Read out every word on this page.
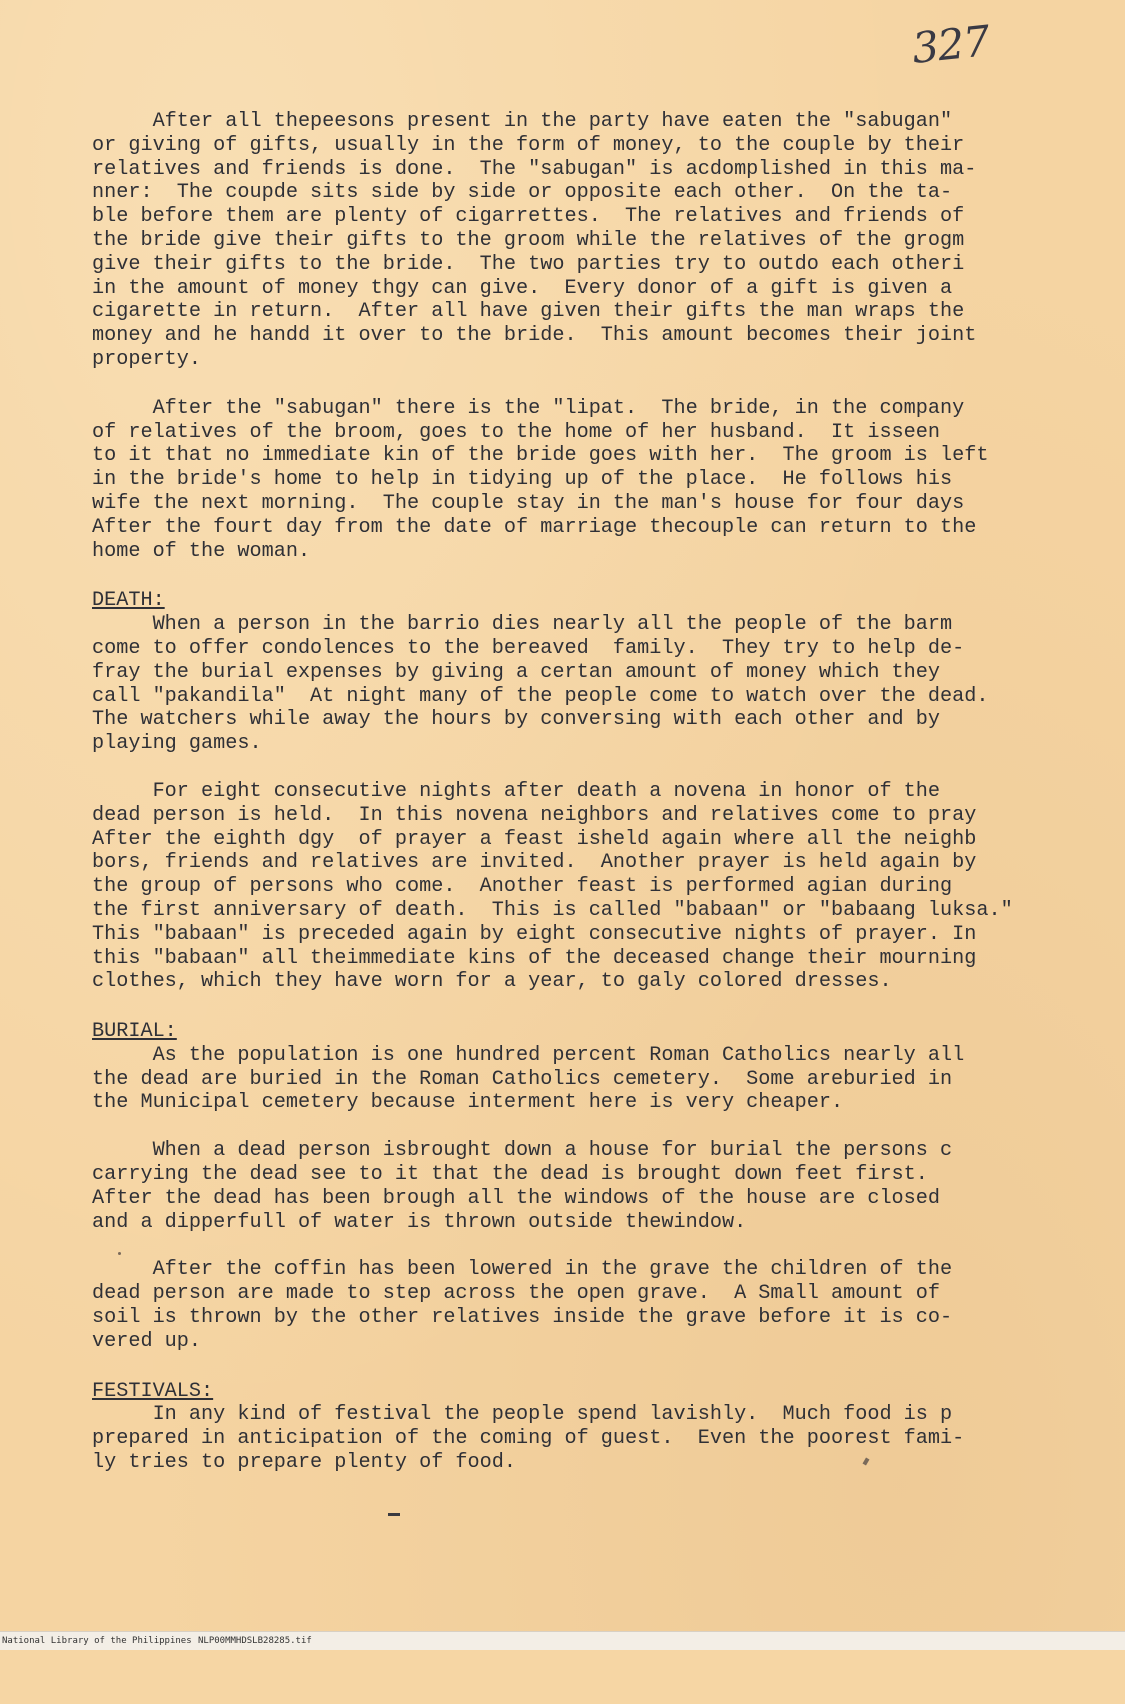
327

After all thepeesons present in the party have eaten the "sabugan"

or giving of gifts, usually in the form of money, to the couple by their

relatives and friends is done.  The "sabugan" is acdomplished in this ma-

nner:  The coupde sits side by side or opposite each other.  On the ta-

ble before them are plenty of cigarrettes.  The relatives and friends of

the bride give their gifts to the groom while the relatives of the grogm

give their gifts to the bride.  The two parties try to outdo each otheri

in the amount of money thgy can give.  Every donor of a gift is given a

cigarette in return.  After all have given their gifts the man wraps the

money and he handd it over to the bride.  This amount becomes their joint

property.

After the "sabugan" there is the "lipat.  The bride, in the company

of relatives of the broom, goes to the home of her husband.  It isseen

to it that no immediate kin of the bride goes with her.  The groom is left

in the bride's home to help in tidying up of the place.  He follows his

wife the next morning.  The couple stay in the man's house for four days

After the fourt day from the date of marriage thecouple can return to the

home of the woman.

DEATH:

When a person in the barrio dies nearly all the people of the barm

come to offer condolences to the bereaved  family.  They try to help de-

fray the burial expenses by giving a certan amount of money which they

call "pakandila"  At night many of the people come to watch over the dead.

The watchers while away the hours by conversing with each other and by

playing games.

For eight consecutive nights after death a novena in honor of the

dead person is held.  In this novena neighbors and relatives come to pray

After the eighth dgy  of prayer a feast isheld again where all the neighb

bors, friends and relatives are invited.  Another prayer is held again by

the group of persons who come.  Another feast is performed agian during

the first anniversary of death.  This is called "babaan" or "babaang luksa."

This "babaan" is preceded again by eight consecutive nights of prayer. In

this "babaan" all theimmediate kins of the deceased change their mourning

clothes, which they have worn for a year, to galy colored dresses.

BURIAL:

As the population is one hundred percent Roman Catholics nearly all

the dead are buried in the Roman Catholics cemetery.  Some areburied in

the Municipal cemetery because interment here is very cheaper.

When a dead person isbrought down a house for burial the persons c

carrying the dead see to it that the dead is brought down feet first.

After the dead has been brough all the windows of the house are closed

and a dipperfull of water is thrown outside thewindow.

After the coffin has been lowered in the grave the children of the

dead person are made to step across the open grave.  A Small amount of

soil is thrown by the other relatives inside the grave before it is co-

vered up.

FESTIVALS:

In any kind of festival the people spend lavishly.  Much food is p

prepared in anticipation of the coming of guest.  Even the poorest fami-

ly tries to prepare plenty of food.

National Library of the Philippines

NLP00MMHDSLB28285.tif
